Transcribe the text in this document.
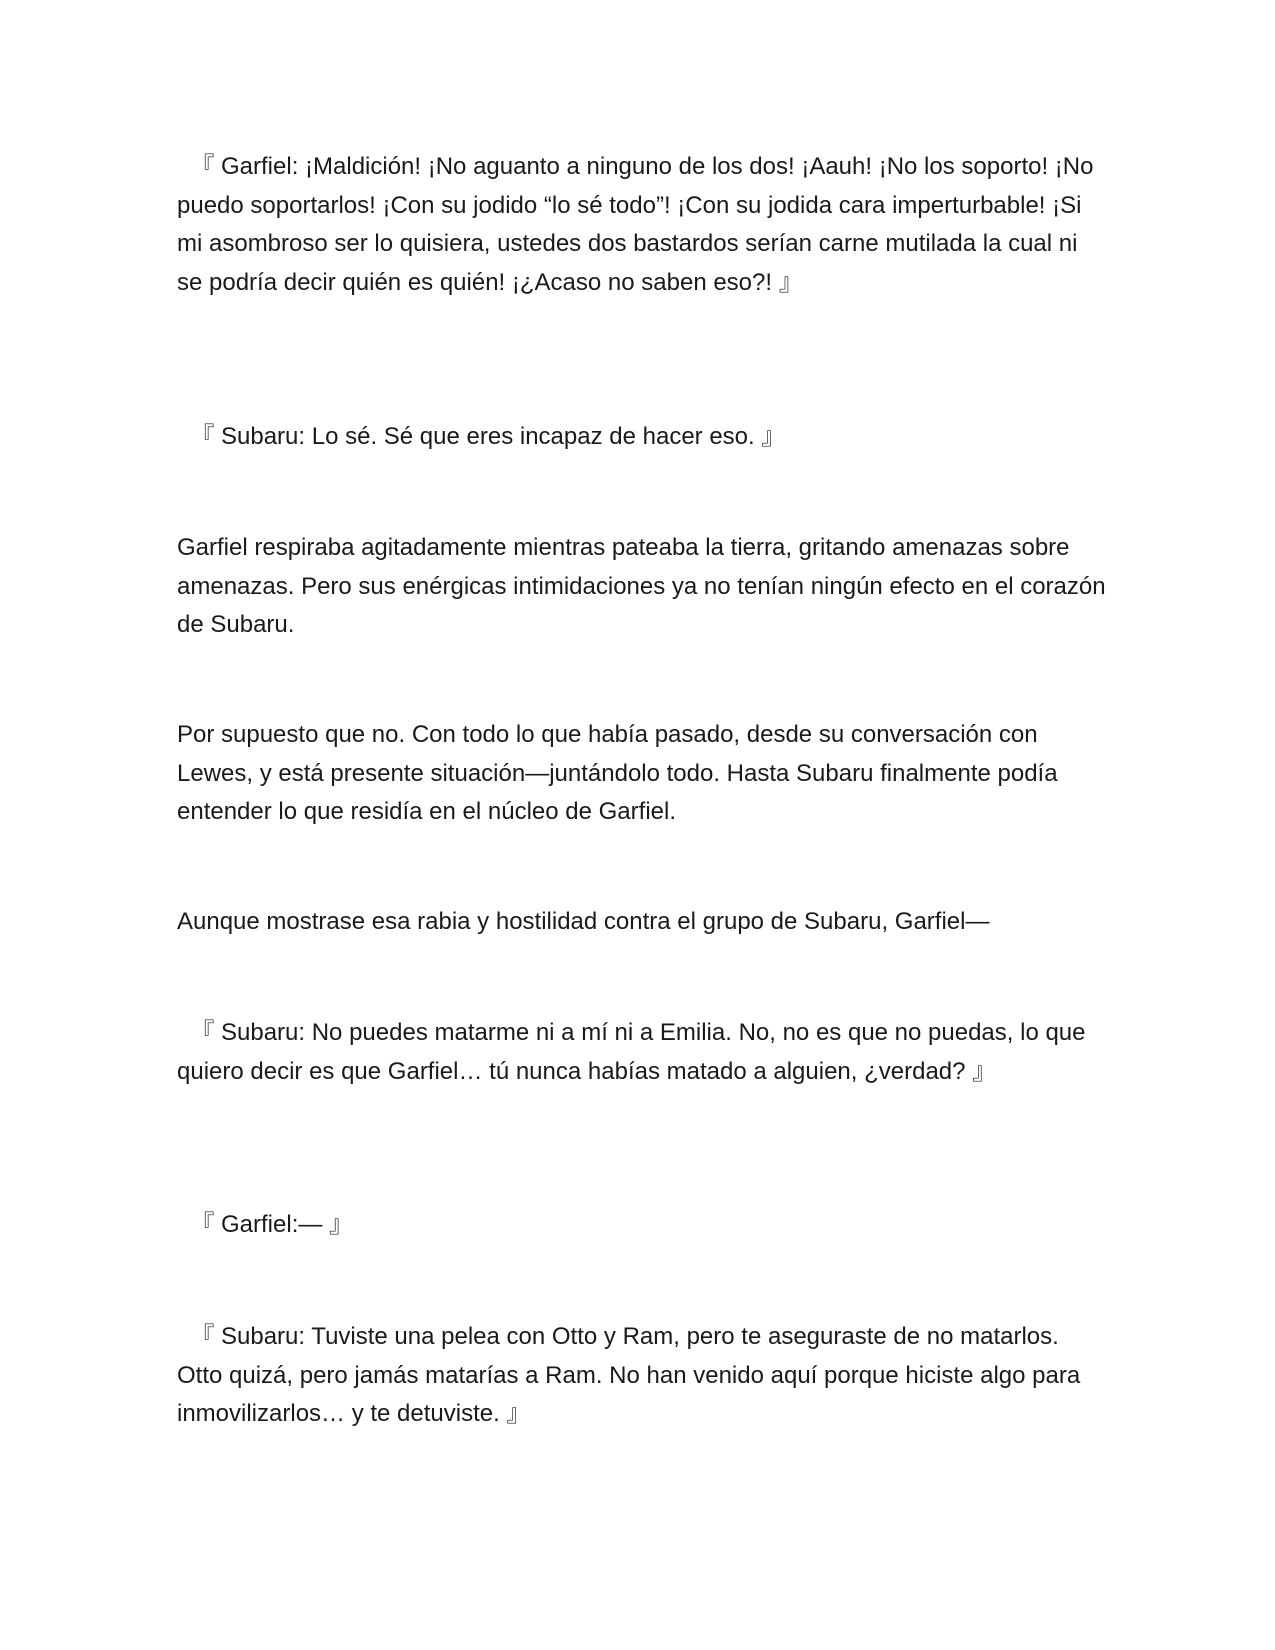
『 Garfiel: ¡Maldición! ¡No aguanto a ninguno de los dos! ¡Aauh! ¡No los soporto! ¡No puedo soportarlos! ¡Con su jodido “lo sé todo”! ¡Con su jodida cara imperturbable! ¡Si mi asombroso ser lo quisiera, ustedes dos bastardos serían carne mutilada la cual ni se podría decir quién es quién! ¡¿Acaso no saben eso?! 』

『 Subaru: Lo sé. Sé que eres incapaz de hacer eso. 』

Garfiel respiraba agitadamente mientras pateaba la tierra, gritando amenazas sobre amenazas. Pero sus enérgicas intimidaciones ya no tenían ningún efecto en el corazón de Subaru.

Por supuesto que no. Con todo lo que había pasado, desde su conversación con Lewes, y está presente situación—juntándolo todo. Hasta Subaru finalmente podía entender lo que residía en el núcleo de Garfiel.

Aunque mostrase esa rabia y hostilidad contra el grupo de Subaru, Garfiel—

『 Subaru: No puedes matarme ni a mí ni a Emilia. No, no es que no puedas, lo que quiero decir es que Garfiel… tú nunca habías matado a alguien, ¿verdad? 』

『 Garfiel:— 』

『 Subaru: Tuviste una pelea con Otto y Ram, pero te aseguraste de no matarlos. Otto quizá, pero jamás matarías a Ram. No han venido aquí porque hiciste algo para inmovilizarlos… y te detuviste. 』
